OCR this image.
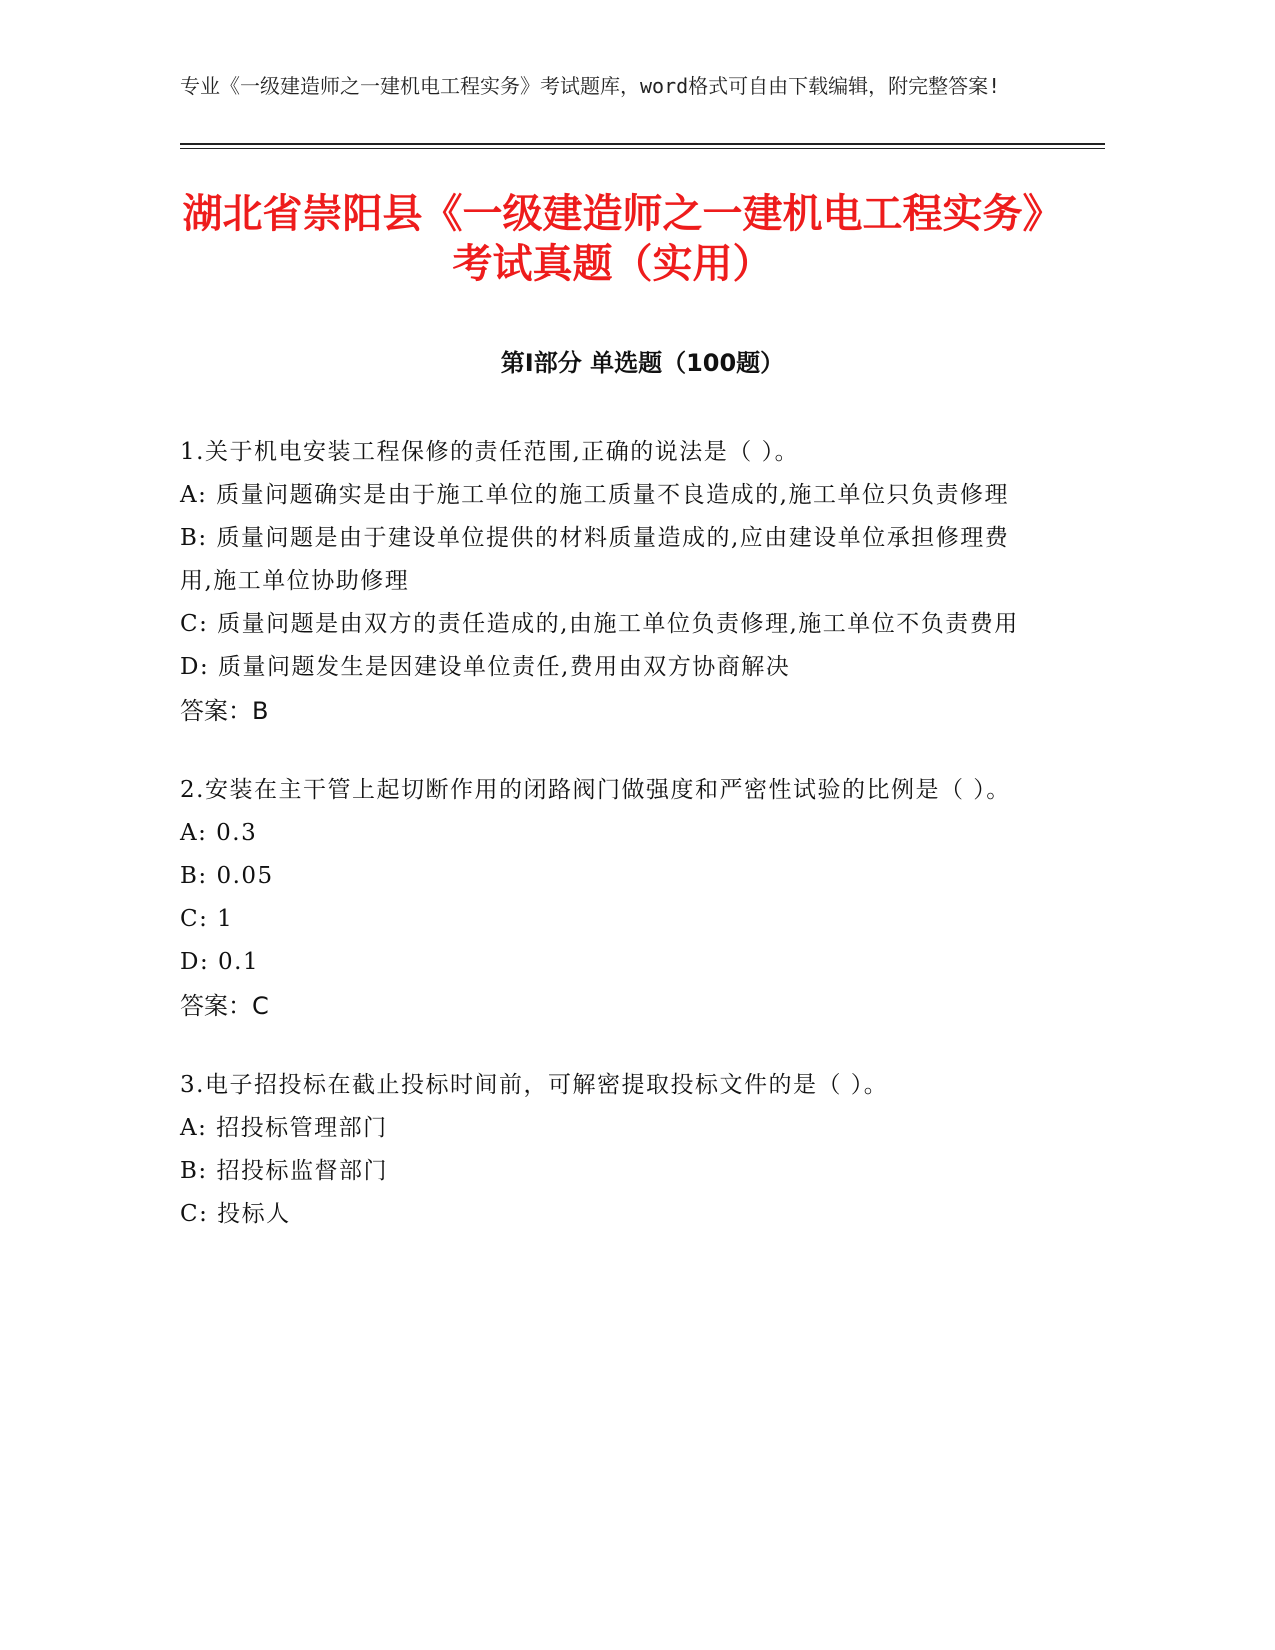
专业《一级建造师之一建机电工程实务》考试题库，word格式可自由下载编辑，附完整答案!

湖北省崇阳县《一级建造师之一建机电工程实务》考试真题（实用）
第I部分 单选题（100题）

1.关于机电安装工程保修的责任范围,正确的说法是（ ）。

A: 质量问题确实是由于施工单位的施工质量不良造成的,施工单位只负责修理

B: 质量问题是由于建设单位提供的材料质量造成的,应由建设单位承担修理费用,施工单位协助修理

C: 质量问题是由双方的责任造成的,由施工单位负责修理,施工单位不负责费用

D: 质量问题发生是因建设单位责任,费用由双方协商解决

答案：B

2.安装在主干管上起切断作用的闭路阀门做强度和严密性试验的比例是（ ）。

A: 0.3

B: 0.05

C: 1

D: 0.1

答案：C

3.电子招投标在截止投标时间前，可解密提取投标文件的是（ ）。

A: 招投标管理部门

B: 招投标监督部门

C: 投标人
